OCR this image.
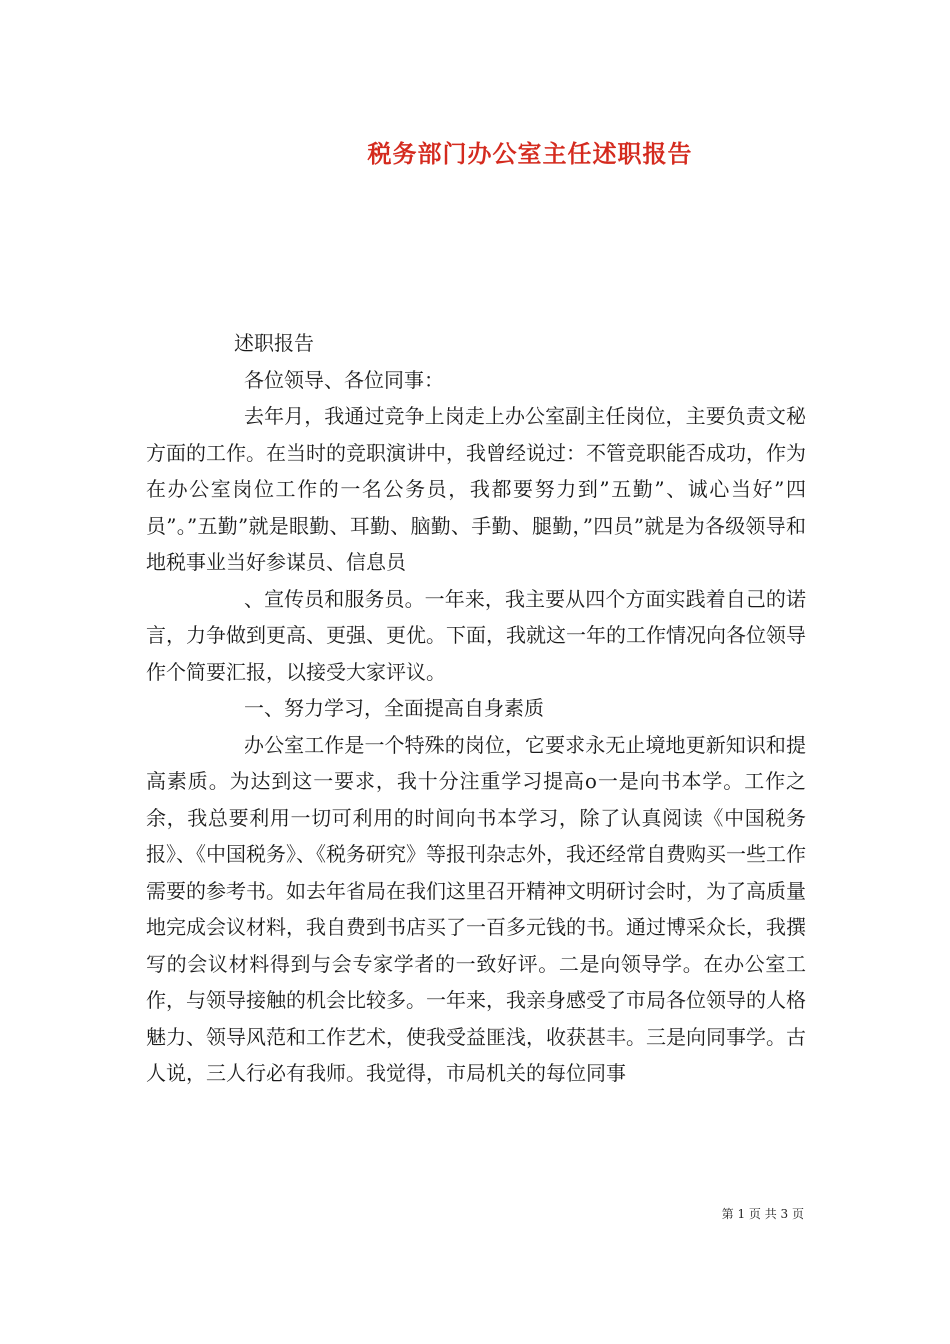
税务部门办公室主任述职报告

述职报告

各位领导、各位同事：

去年月，我通过竞争上岗走上办公室副主任岗位，主要负责文秘方面的工作。在当时的竞职演讲中，我曾经说过：不管竞职能否成功，作为在办公室岗位工作的一名公务员，我都要努力到”五勤”、诚心当好”四员”。”五勤”就是眼勤、耳勤、脑勤、手勤、腿勤，”四员”就是为各级领导和地税事业当好参谋员、信息员

、宣传员和服务员。一年来，我主要从四个方面实践着自己的诺言，力争做到更高、更强、更优。下面，我就这一年的工作情况向各位领导作个简要汇报，以接受大家评议。

一、努力学习，全面提高自身素质

办公室工作是一个特殊的岗位，它要求永无止境地更新知识和提高素质。为达到这一要求，我十分注重学习提高ο一是向书本学。工作之余，我总要利用一切可利用的时间向书本学习，除了认真阅读《中国税务报》、《中国税务》、《税务研究》等报刊杂志外，我还经常自费购买一些工作需要的参考书。如去年省局在我们这里召开精神文明研讨会时，为了高质量地完成会议材料，我自费到书店买了一百多元钱的书。通过博采众长，我撰写的会议材料得到与会专家学者的一致好评。二是向领导学。在办公室工作，与领导接触的机会比较多。一年来，我亲身感受了市局各位领导的人格魅力、领导风范和工作艺术，使我受益匪浅，收获甚丰。三是向同事学。古人说，三人行必有我师。我觉得，市局机关的每位同事

第 1 页 共 3 页
